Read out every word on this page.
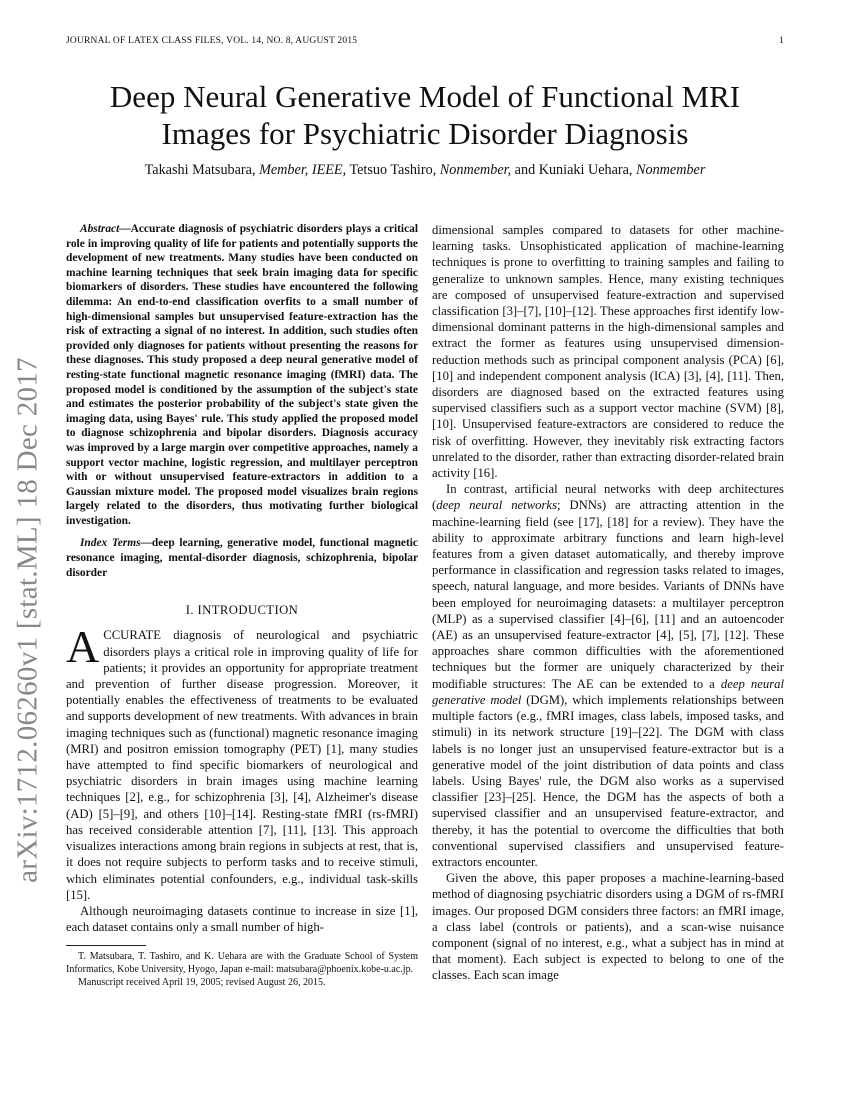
JOURNAL OF LATEX CLASS FILES, VOL. 14, NO. 8, AUGUST 2015	1
Deep Neural Generative Model of Functional MRI
Images for Psychiatric Disorder Diagnosis
Takashi Matsubara, Member, IEEE, Tetsuo Tashiro, Nonmember, and Kuniaki Uehara, Nonmember
arXiv:1712.06260v1 [stat.ML] 18 Dec 2017

Abstract—Accurate diagnosis of psychiatric disorders plays a critical role in improving quality of life for patients and potentially supports the development of new treatments. Many studies have been conducted on machine learning techniques that seek brain imaging data for specific biomarkers of disorders. These studies have encountered the following dilemma: An end-to-end classification overfits to a small number of high-dimensional samples but unsupervised feature-extraction has the risk of extracting a signal of no interest. In addition, such studies often provided only diagnoses for patients without presenting the reasons for these diagnoses. This study proposed a deep neural generative model of resting-state functional magnetic resonance imaging (fMRI) data. The proposed model is conditioned by the assumption of the subject's state and estimates the posterior probability of the subject's state given the imaging data, using Bayes' rule. This study applied the proposed model to diagnose schizophrenia and bipolar disorders. Diagnosis accuracy was improved by a large margin over competitive approaches, namely a support vector machine, logistic regression, and multilayer perceptron with or without unsupervised feature-extractors in addition to a Gaussian mixture model. The proposed model visualizes brain regions largely related to the disorders, thus motivating further biological investigation.

Index Terms—deep learning, generative model, functional magnetic resonance imaging, mental-disorder diagnosis, schizophrenia, bipolar disorder

I. INTRODUCTION

ACCURATE diagnosis of neurological and psychiatric disorders plays a critical role in improving quality of life for patients; it provides an opportunity for appropriate treatment and prevention of further disease progression. Moreover, it potentially enables the effectiveness of treatments to be evaluated and supports development of new treatments. With advances in brain imaging techniques such as (functional) magnetic resonance imaging (MRI) and positron emission tomography (PET) [1], many studies have attempted to find specific biomarkers of neurological and psychiatric disorders in brain images using machine learning techniques [2], e.g., for schizophrenia [3], [4], Alzheimer's disease (AD) [5]–[9], and others [10]–[14]. Resting-state fMRI (rs-fMRI) has received considerable attention [7], [11], [13]. This approach visualizes interactions among brain regions in subjects at rest, that is, it does not require subjects to perform tasks and to receive stimuli, which eliminates potential confounders, e.g., individual task-skills [15].

Although neuroimaging datasets continue to increase in size [1], each dataset contains only a small number of high-

T. Matsubara, T. Tashiro, and K. Uehara are with the Graduate School of System Informatics, Kobe University, Hyogo, Japan e-mail: matsubara@phoenix.kobe-u.ac.jp.

Manuscript received April 19, 2005; revised August 26, 2015.

dimensional samples compared to datasets for other machine-learning tasks. Unsophisticated application of machine-learning techniques is prone to overfitting to training samples and failing to generalize to unknown samples. Hence, many existing techniques are composed of unsupervised feature-extraction and supervised classification [3]–[7], [10]–[12]. These approaches first identify low-dimensional dominant patterns in the high-dimensional samples and extract the former as features using unsupervised dimension-reduction methods such as principal component analysis (PCA) [6], [10] and independent component analysis (ICA) [3], [4], [11]. Then, disorders are diagnosed based on the extracted features using supervised classifiers such as a support vector machine (SVM) [8], [10]. Unsupervised feature-extractors are considered to reduce the risk of overfitting. However, they inevitably risk extracting factors unrelated to the disorder, rather than extracting disorder-related brain activity [16].

In contrast, artificial neural networks with deep architectures (deep neural networks; DNNs) are attracting attention in the machine-learning field (see [17], [18] for a review). They have the ability to approximate arbitrary functions and learn high-level features from a given dataset automatically, and thereby improve performance in classification and regression tasks related to images, speech, natural language, and more besides. Variants of DNNs have been employed for neuroimaging datasets: a multilayer perceptron (MLP) as a supervised classifier [4]–[6], [11] and an autoencoder (AE) as an unsupervised feature-extractor [4], [5], [7], [12]. These approaches share common difficulties with the aforementioned techniques but the former are uniquely characterized by their modifiable structures: The AE can be extended to a deep neural generative model (DGM), which implements relationships between multiple factors (e.g., fMRI images, class labels, imposed tasks, and stimuli) in its network structure [19]–[22]. The DGM with class labels is no longer just an unsupervised feature-extractor but is a generative model of the joint distribution of data points and class labels. Using Bayes' rule, the DGM also works as a supervised classifier [23]–[25]. Hence, the DGM has the aspects of both a supervised classifier and an unsupervised feature-extractor, and thereby, it has the potential to overcome the difficulties that both conventional supervised classifiers and unsupervised feature-extractors encounter.

Given the above, this paper proposes a machine-learning-based method of diagnosing psychiatric disorders using a DGM of rs-fMRI images. Our proposed DGM considers three factors: an fMRI image, a class label (controls or patients), and a scan-wise nuisance component (signal of no interest, e.g., what a subject has in mind at that moment). Each subject is expected to belong to one of the classes. Each scan image
